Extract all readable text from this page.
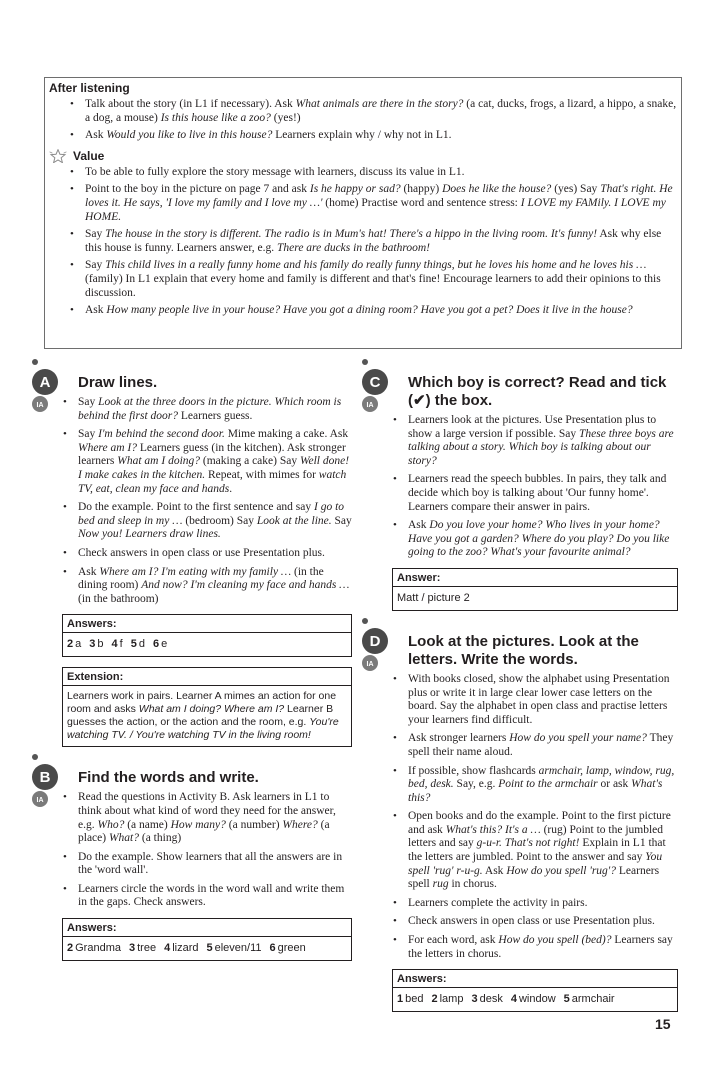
After listening
• Talk about the story (in L1 if necessary). Ask What animals are there in the story? (a cat, ducks, frogs, a lizard, a hippo, a snake, a dog, a mouse) Is this house like a zoo? (yes!)
• Ask Would you like to live in this house? Learners explain why / why not in L1.
Value
• To be able to fully explore the story message with learners, discuss its value in L1.
• Point to the boy in the picture on page 7 and ask Is he happy or sad? (happy) Does he like the house? (yes) Say That's right. He loves it. He says, 'I love my family and I love my …' (home) Practise word and sentence stress: I LOVE my FAMily. I LOVE my HOME.
• Say The house in the story is different. The radio is in Mum's hat! There's a hippo in the living room. It's funny! Ask why else this house is funny. Learners answer, e.g. There are ducks in the bathroom!
• Say This child lives in a really funny home and his family do really funny things, but he loves his home and he loves his … (family) In L1 explain that every home and family is different and that's fine! Encourage learners to add their opinions to this discussion.
• Ask How many people live in your house? Have you got a dining room? Have you got a pet? Does it live in the house?
A
IA
Draw lines.
• Say Look at the three doors in the picture. Which room is behind the first door? Learners guess.
• Say I'm behind the second door. Mime making a cake. Ask Where am I? Learners guess (in the kitchen). Ask stronger learners What am I doing? (making a cake) Say Well done! I make cakes in the kitchen. Repeat, with mimes for watch TV, eat, clean my face and hands.
• Do the example. Point to the first sentence and say I go to bed and sleep in my … (bedroom) Say Look at the line. Say Now you! Learners draw lines.
• Check answers in open class or use Presentation plus.
• Ask Where am I? I'm eating with my family … (in the dining room) And now? I'm cleaning my face and hands … (in the bathroom)
Answers:
2 a 3 b 4 f 5 d 6 e
Extension:
Learners work in pairs. Learner A mimes an action for one room and asks What am I doing? Where am I? Learner B guesses the action, or the action and the room, e.g. You're watching TV. / You're watching TV in the living room!
B
IA
Find the words and write.
• Read the questions in Activity B. Ask learners in L1 to think about what kind of word they need for the answer, e.g. Who? (a name) How many? (a number) Where? (a place) What? (a thing)
• Do the example. Show learners that all the answers are in the 'word wall'.
• Learners circle the words in the word wall and write them in the gaps. Check answers.
Answers:
2 Grandma 3 tree 4 lizard 5 eleven/11 6 green
C
IA
Which boy is correct? Read and tick (✔) the box.
• Learners look at the pictures. Use Presentation plus to show a large version if possible. Say These three boys are talking about a story. Which boy is talking about our story?
• Learners read the speech bubbles. In pairs, they talk and decide which boy is talking about 'Our funny home'. Learners compare their answer in pairs.
• Ask Do you love your home? Who lives in your home? Have you got a garden? Where do you play? Do you like going to the zoo? What's your favourite animal?
Answer:
Matt / picture 2
D
IA
Look at the pictures. Look at the letters. Write the words.
• With books closed, show the alphabet using Presentation plus or write it in large clear lower case letters on the board. Say the alphabet in open class and practise letters your learners find difficult.
• Ask stronger learners How do you spell your name? They spell their name aloud.
• If possible, show flashcards armchair, lamp, window, rug, bed, desk. Say, e.g. Point to the armchair or ask What's this?
• Open books and do the example. Point to the first picture and ask What's this? It's a … (rug) Point to the jumbled letters and say g-u-r. That's not right! Explain in L1 that the letters are jumbled. Point to the answer and say You spell 'rug' r-u-g. Ask How do you spell 'rug'? Learners spell rug in chorus.
• Learners complete the activity in pairs.
• Check answers in open class or use Presentation plus.
• For each word, ask How do you spell (bed)? Learners say the letters in chorus.
Answers:
1 bed 2 lamp 3 desk 4 window 5 armchair
15
